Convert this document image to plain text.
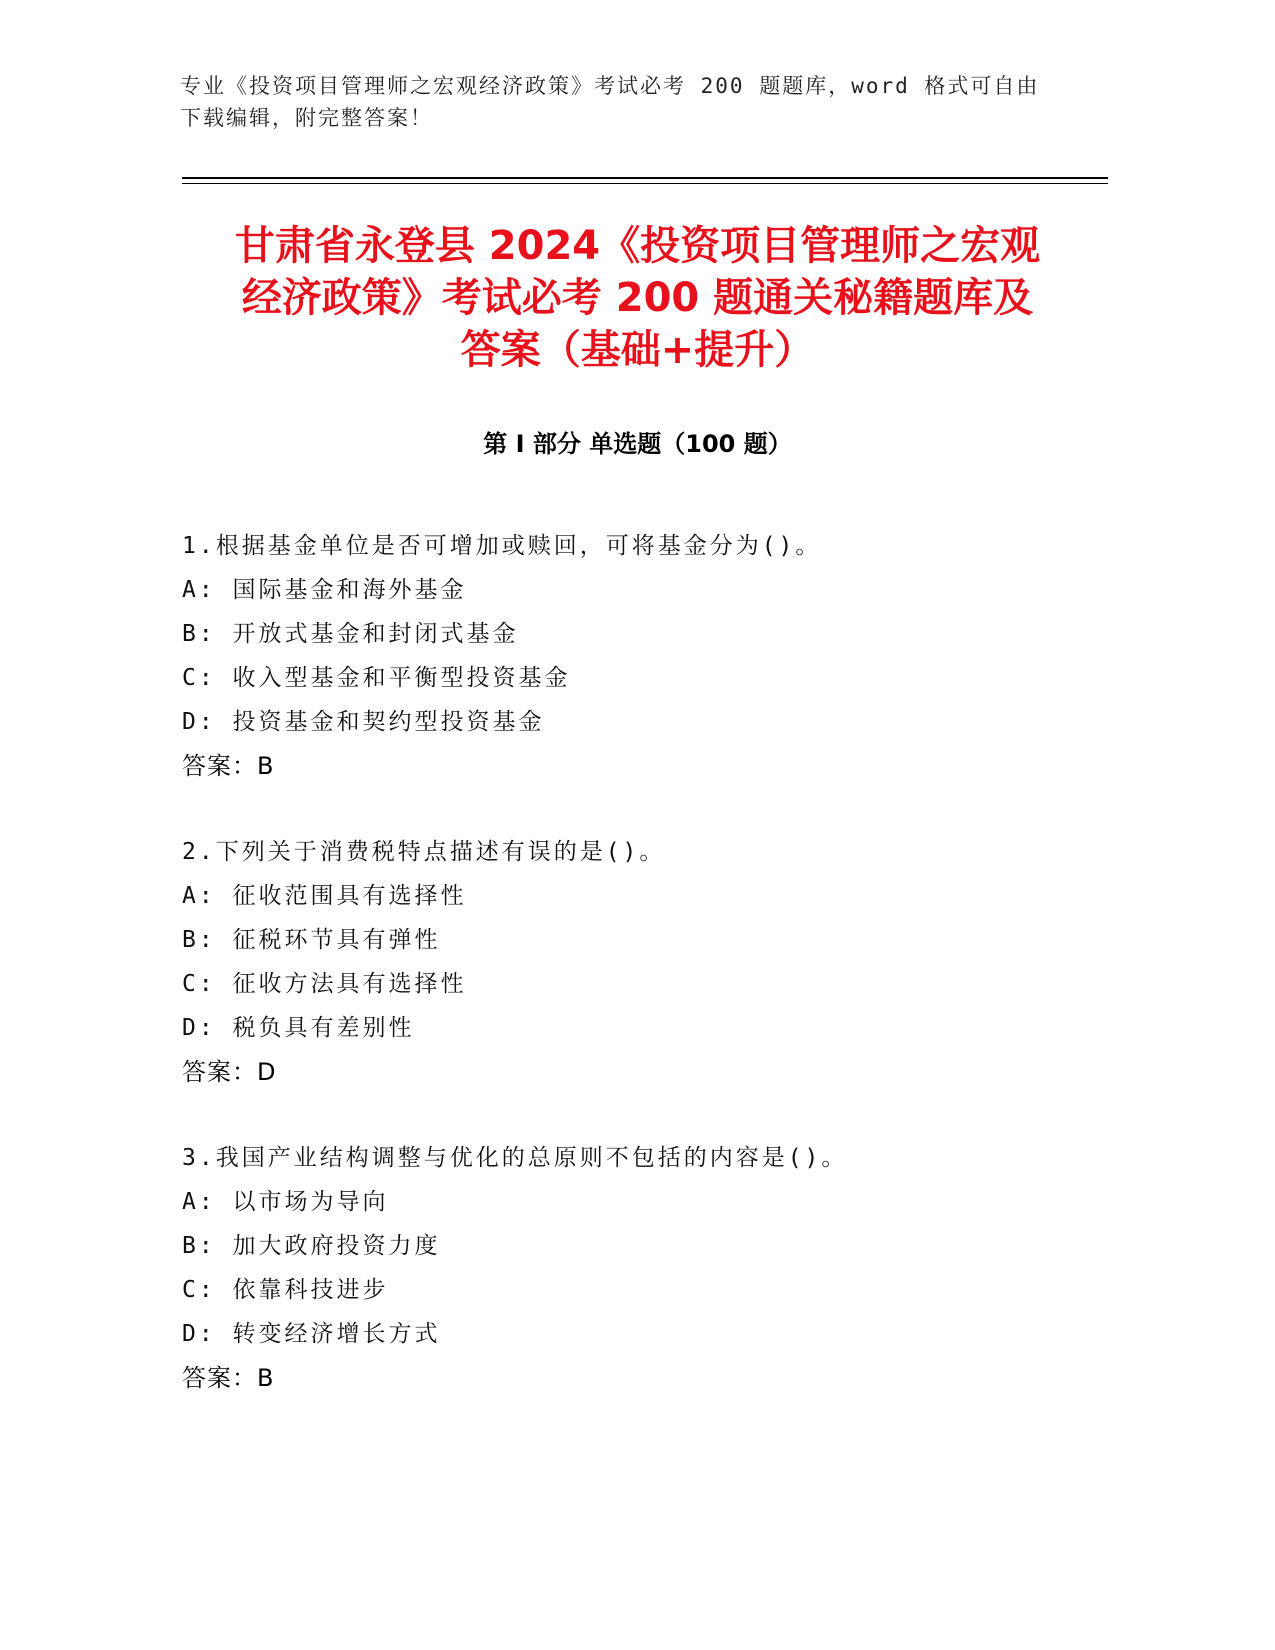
专业《投资项目管理师之宏观经济政策》考试必考 200 题题库，word 格式可自由
下载编辑，附完整答案！
甘肃省永登县 2024《投资项目管理师之宏观
经济政策》考试必考 200 题通关秘籍题库及
答案（基础+提升）
第 I 部分 单选题（100 题）
1.根据基金单位是否可增加或赎回，可将基金分为()。
A: 国际基金和海外基金
B: 开放式基金和封闭式基金
C: 收入型基金和平衡型投资基金
D: 投资基金和契约型投资基金
答案：B
2.下列关于消费税特点描述有误的是()。
A: 征收范围具有选择性
B: 征税环节具有弹性
C: 征收方法具有选择性
D: 税负具有差别性
答案：D
3.我国产业结构调整与优化的总原则不包括的内容是()。
A: 以市场为导向
B: 加大政府投资力度
C: 依靠科技进步
D: 转变经济增长方式
答案：B
